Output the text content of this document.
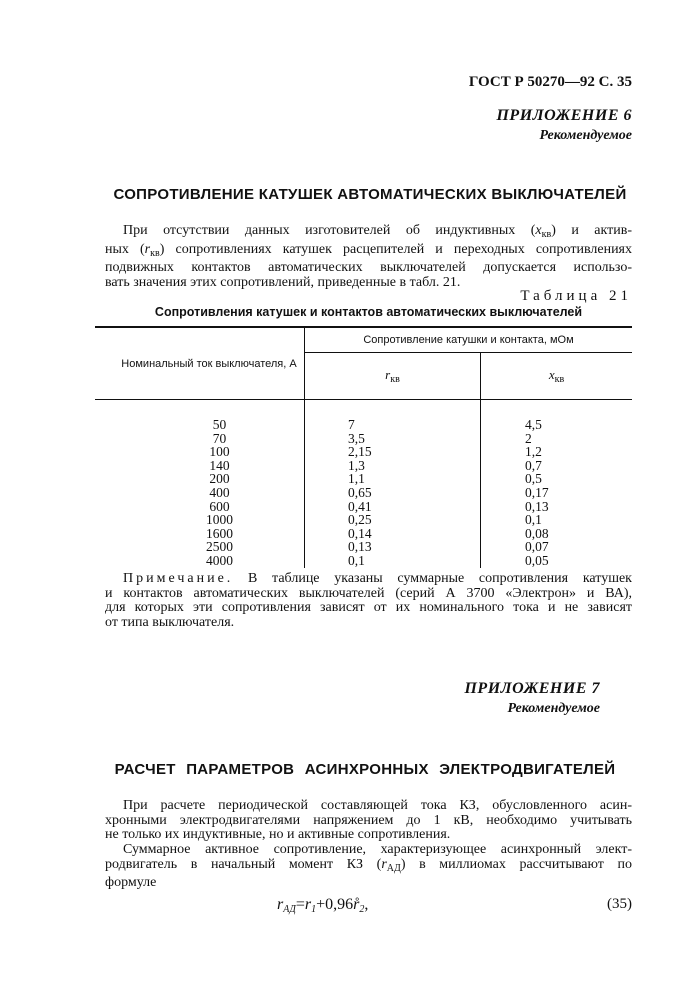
ГОСТ Р 50270—92 С. 35
ПРИЛОЖЕНИЕ 6
Рекомендуемое
СОПРОТИВЛЕНИЕ КАТУШЕК АВТОМАТИЧЕСКИХ ВЫКЛЮЧАТЕЛЕЙ
При отсутствии данных изготовителей об индуктивных $(x_{кв})$ и актив-
ных $(r_{кв})$ сопротивлениях катушек расцепителей и переходных сопротивлениях
подвижных контактов автоматических выключателей допускается использо-
вать значения этих сопротивлений, приведенные в табл. 21.
Таблица 21
Сопротивления катушек и контактов автоматических выключателей
Номинальный ток выключателя, А	Сопротивление катушки и контакта, мОм	
	$r_{кв}$	$x_{кв}$

50	7	4,5
70	3,5	2
100	2,15	1,2
140	1,3	0,7
200	1,1	0,5
400	0,65	0,17
600	0,41	0,13
1000	0,25	0,1
1600	0,14	0,08
2500	0,13	0,07
4000	0,1	0,05
Примечание. В таблице указаны суммарные сопротивления катушек
и контактов автоматических выключателей (серий А 3700 «Электрон» и ВА),
для которых эти сопротивления зависят от их номинального тока и не зависят
от типа выключателя.
ПРИЛОЖЕНИЕ 7
Рекомендуемое
РАСЧЕТ ПАРАМЕТРОВ АСИНХРОННЫХ ЭЛЕКТРОДВИГАТЕЛЕЙ
При расчете периодической составляющей тока КЗ, обусловленного асин-
хронными электродвигателями напряжением до 1 кВ, необходимо учитывать
не только их индуктивные, но и активные сопротивления.
Суммарное активное сопротивление, характеризующее асинхронный элект-
родвигатель в начальный момент КЗ $(r_{АД})$ в миллиомах рассчитывают по
формуле
$r_{АД}=r_1+0,96r̊_2$,	(35)
